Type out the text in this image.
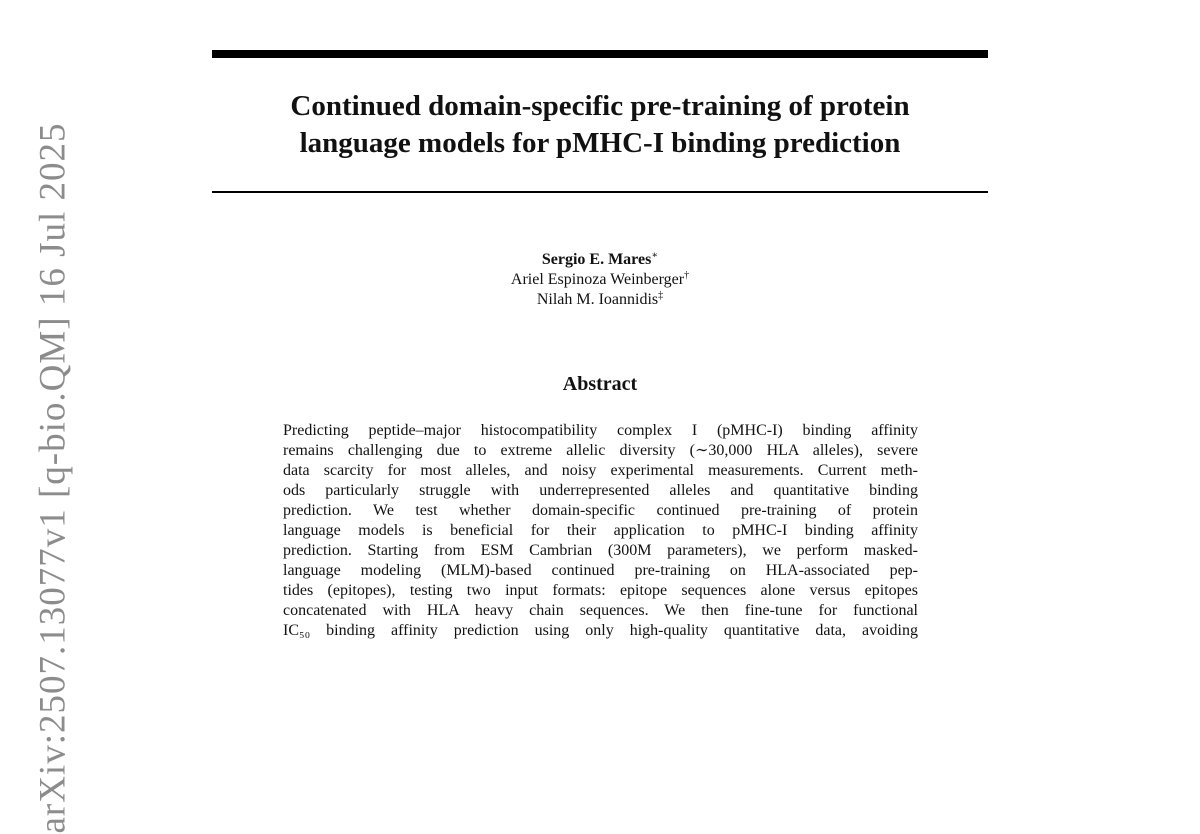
arXiv:2507.13077v1 [q-bio.QM] 16 Jul 2025
Continued domain-specific pre-training of protein
language models for pMHC-I binding prediction
Sergio E. Mares∗
Ariel Espinoza Weinberger†
Nilah M. Ioannidis‡
Abstract
Predicting peptide–major histocompatibility complex I (pMHC-I) binding affinity
remains challenging due to extreme allelic diversity (∼30,000 HLA alleles), severe
data scarcity for most alleles, and noisy experimental measurements. Current meth-
ods particularly struggle with underrepresented alleles and quantitative binding
prediction. We test whether domain-specific continued pre-training of protein
language models is beneficial for their application to pMHC-I binding affinity
prediction. Starting from ESM Cambrian (300M parameters), we perform masked-
language modeling (MLM)-based continued pre-training on HLA-associated pep-
tides (epitopes), testing two input formats: epitope sequences alone versus epitopes
concatenated with HLA heavy chain sequences. We then fine-tune for functional
IC₅₀ binding affinity prediction using only high-quality quantitative data, avoiding
